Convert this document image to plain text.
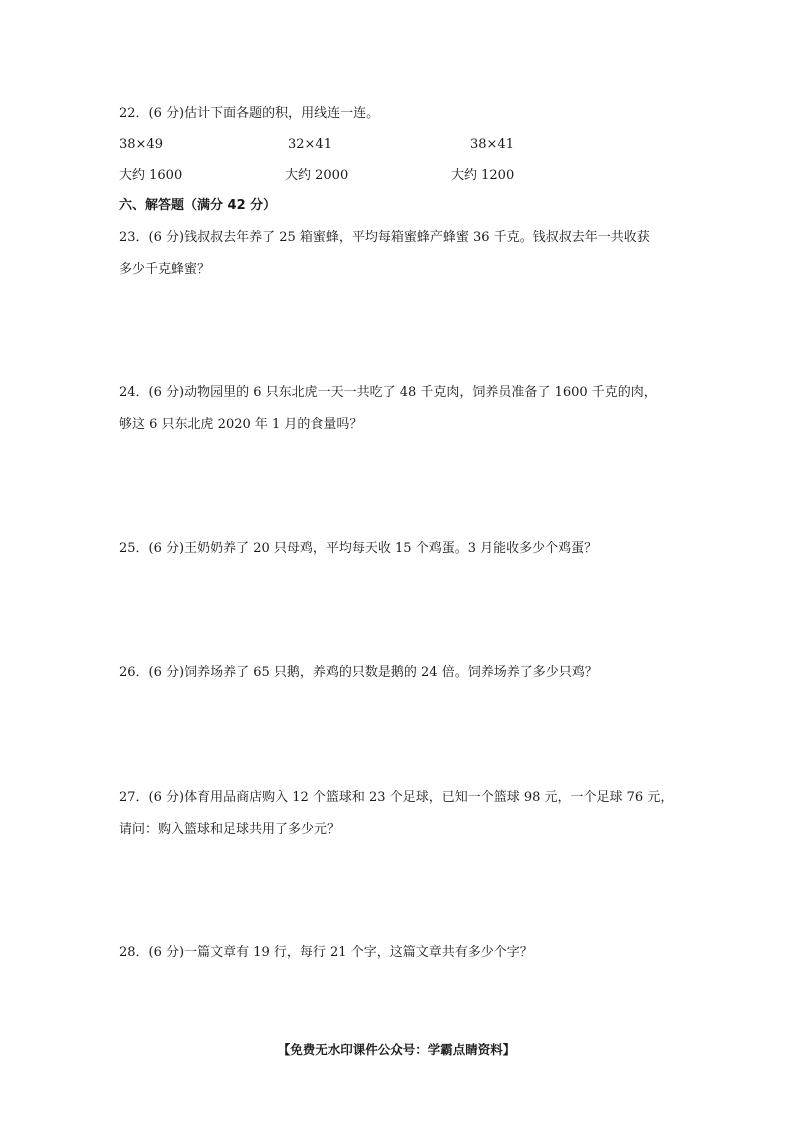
22．(6 分)估计下面各题的积，用线连一连。
38×49	32×41	38×41
大约 1600	大约 2000	大约 1200
六、解答题（满分 42 分）
23．(6 分)钱叔叔去年养了 25 箱蜜蜂，平均每箱蜜蜂产蜂蜜 36 千克。钱叔叔去年一共收获
多少千克蜂蜜？
24．(6 分)动物园里的 6 只东北虎一天一共吃了 48 千克肉，饲养员准备了 1600 千克的肉，
够这 6 只东北虎 2020 年 1 月的食量吗？
25．(6 分)王奶奶养了 20 只母鸡，平均每天收 15 个鸡蛋。3 月能收多少个鸡蛋？
26．(6 分)饲养场养了 65 只鹅，养鸡的只数是鹅的 24 倍。饲养场养了多少只鸡？
27．(6 分)体育用品商店购入 12 个篮球和 23 个足球，已知一个篮球 98 元，一个足球 76 元，
请问：购入篮球和足球共用了多少元？
28．(6 分)一篇文章有 19 行，每行 21 个字，这篇文章共有多少个字？
【免费无水印课件公众号：学霸点睛资料】
